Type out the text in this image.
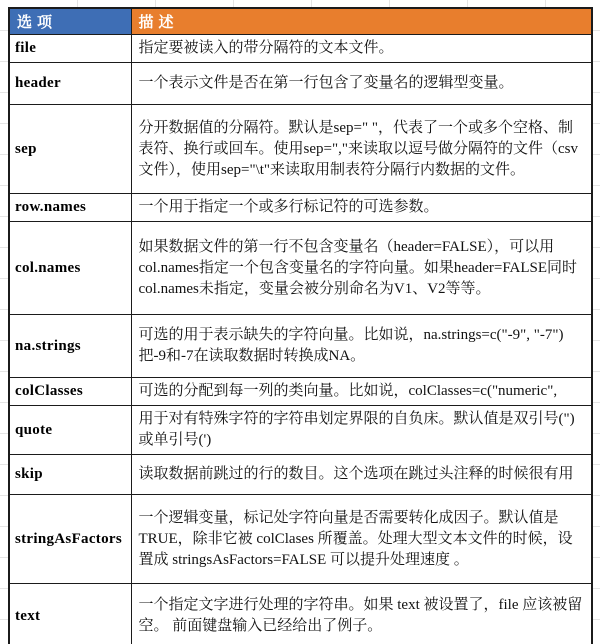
选项	描述
file	指定要被读入的带分隔符的文本文件。
header	一个表示文件是否在第一行包含了变量名的逻辑型变量。
sep	分开数据值的分隔符。默认是sep=" "，代表了一个或多个空格、制表符、换行或回车。使用sep=","来读取以逗号做分隔符的文件（csv文件），使用sep="\t"来读取用制表符分隔行内数据的文件。
row.names	一个用于指定一个或多行标记符的可选参数。
col.names	如果数据文件的第一行不包含变量名（header=FALSE），可以用col.names指定一个包含变量名的字符向量。如果header=FALSE同时col.names未指定，变量会被分别命名为V1、V2等等。
na.strings	可选的用于表示缺失的字符向量。比如说，na.strings=c("-9", "-7")把-9和-7在读取数据时转换成NA。
colClasses	可选的分配到每一列的类向量。比如说，colClasses=c("numeric",
quote	用于对有特殊字符的字符串划定界限的自负床。默认值是双引号(")或单引号(')
skip	读取数据前跳过的行的数目。这个选项在跳过头注释的时候很有用
stringAsFactors	一个逻辑变量，标记处字符向量是否需要转化成因子。默认值是TRUE，除非它被 colClases 所覆盖。处理大型文本文件的时候，设置成 stringsAsFactors=FALSE 可以提升处理速度 。
text	一个指定文字进行处理的字符串。如果 text 被设置了，file 应该被留空。 前面键盘输入已经给出了例子。
